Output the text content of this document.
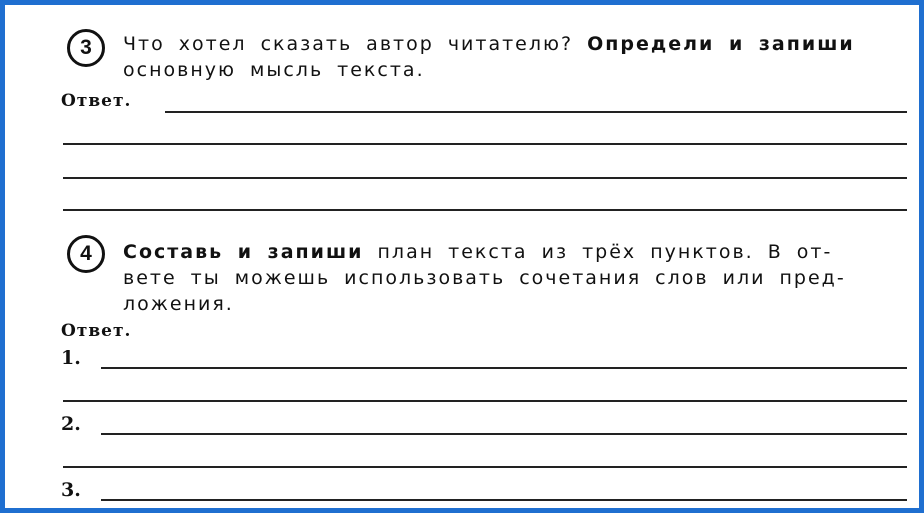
3 Что хотел сказать автор читателю? Определи и запиши
основную мысль текста.
Ответ.
4 Составь и запиши план текста из трёх пунктов. В от-
вете ты можешь использовать сочетания слов или пред-
ложения.
Ответ.
1.
2.
3.
